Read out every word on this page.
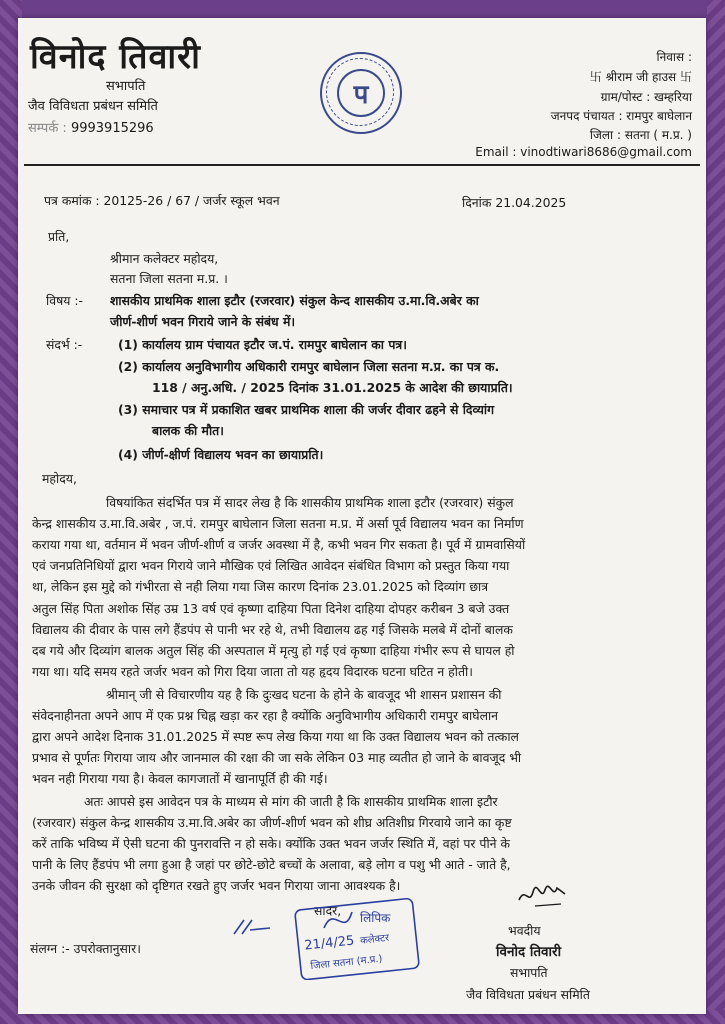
विनोद तिवारी
सभापति
जैव विविधता प्रबंधन समिति
सम्पर्क : 9993915296
प
निवास :
卐 श्रीराम जी हाउस 卐
ग्राम/पोस्ट : खम्हरिया
जनपद पंचायत : रामपुर बाघेलान
जिला : सतना ( म.प्र. )
Email : vinodtiwari8686@gmail.com
पत्र कमांक : 20125-26 / 67 / जर्जर स्कूल भवन	दिनांक 21.04.2025
प्रति,
श्रीमान कलेक्टर महोदय,
सतना जिला सतना म.प्र. ।
विषय :- शासकीय प्राथमिक शाला इटौर (रजरवार) संकुल केन्द शासकीय उ.मा.वि.अबेर का
जीर्ण-शीर्ण भवन गिराये जाने के संबंध में।
संदर्भ :-	(1) कार्यालय ग्राम पंचायत इटौर ज.पं. रामपुर बाघेलान का पत्र।
(2) कार्यालय अनुविभागीय अधिकारी रामपुर बाघेलान जिला सतना म.प्र. का पत्र क.
118 / अनु.अधि. / 2025 दिनांक 31.01.2025 के आदेश की छायाप्रति।
(3) समाचार पत्र में प्रकाशित खबर प्राथमिक शाला की जर्जर दीवार ढहने से दिव्यांग
बालक की मौत।
(4) जीर्ण-क्षीर्ण विद्यालय भवन का छायाप्रति।
महोदय,
विषयांकित संदर्भित पत्र में सादर लेख है कि शासकीय प्राथमिक शाला इटौर (रजरवार) संकुल
केन्द्र शासकीय उ.मा.वि.अबेर , ज.पं. रामपुर बाघेलान जिला सतना म.प्र. में अर्सा पूर्व विद्यालय भवन का निर्माण
कराया गया था, वर्तमान में भवन जीर्ण-शीर्ण व जर्जर अवस्था में है, कभी भवन गिर सकता है। पूर्व में ग्रामवासियों
एवं जनप्रतिनिधियों द्वारा भवन गिराये जाने मौखिक एवं लिखित आवेदन संबंधित विभाग को प्रस्तुत किया गया
था, लेकिन इस मुद्दे को गंभीरता से नही लिया गया जिस कारण दिनांक 23.01.2025 को दिव्यांग छात्र
अतुल सिंह पिता अशोक सिंह उम्र 13 वर्ष एवं कृष्णा दाहिया पिता दिनेश दाहिया दोपहर करीबन 3 बजे उक्त
विद्यालय की दीवार के पास लगे हैंडपंप से पानी भर रहे थे, तभी विद्यालय ढह गई जिसके मलबे में दोनों बालक
दब गये और दिव्यांग बालक अतुल सिंह की अस्पताल में मृत्यु हो गई एवं कृष्णा दाहिया गंभीर रूप से घायल हो
गया था। यदि समय रहते जर्जर भवन को गिरा दिया जाता तो यह हृदय विदारक घटना घटित न होती।
श्रीमान् जी से विचारणीय यह है कि दुःखद घटना के होने के बावजूद भी शासन प्रशासन की
संवेदनाहीनता अपने आप में एक प्रश्न चिह्न खड़ा कर रहा है क्योंकि अनुविभागीय अधिकारी रामपुर बाघेलान
द्वारा अपने आदेश दिनाक 31.01.2025 में स्पष्ट रूप लेख किया गया था कि उक्त विद्यालय भवन को तत्काल
प्रभाव से पूर्णतः गिराया जाय और जानमाल की रक्षा की जा सके लेकिन 03 माह व्यतीत हो जाने के बावजूद भी
भवन नही गिराया गया है। केवल कागजातों में खानापूर्ति ही की गई।
अतः आपसे इस आवेदन पत्र के माध्यम से मांग की जाती है कि शासकीय प्राथमिक शाला इटौर
(रजरवार) संकुल केन्द्र शासकीय उ.मा.वि.अबेर का जीर्ण-शीर्ण भवन को शीघ्र अतिशीघ्र गिरवाये जाने का कृष्ट
करें ताकि भविष्य में ऐसी घटना की पुनरावत्ति न हो सके। क्योंकि उक्त भवन जर्जर स्थिति में, वहां पर पीने के
पानी के लिए हैंडपंप भी लगा हुआ है जहां पर छोटे-छोटे बच्चों के अलावा, बड़े लोग व पशु भी आते - जाते है,
उनके जीवन की सुरक्षा को दृष्टिगत रखते हुए जर्जर भवन गिराया जाना आवश्यक है।
सादर,
संलग्न :- उपरोक्तानुसार।
लिपिक
21/4/25 कलेक्टर
जिला सतना (म.प्र.)
भवदीय
विनोद तिवारी
सभापति
जैव विविधता प्रबंधन समिति
